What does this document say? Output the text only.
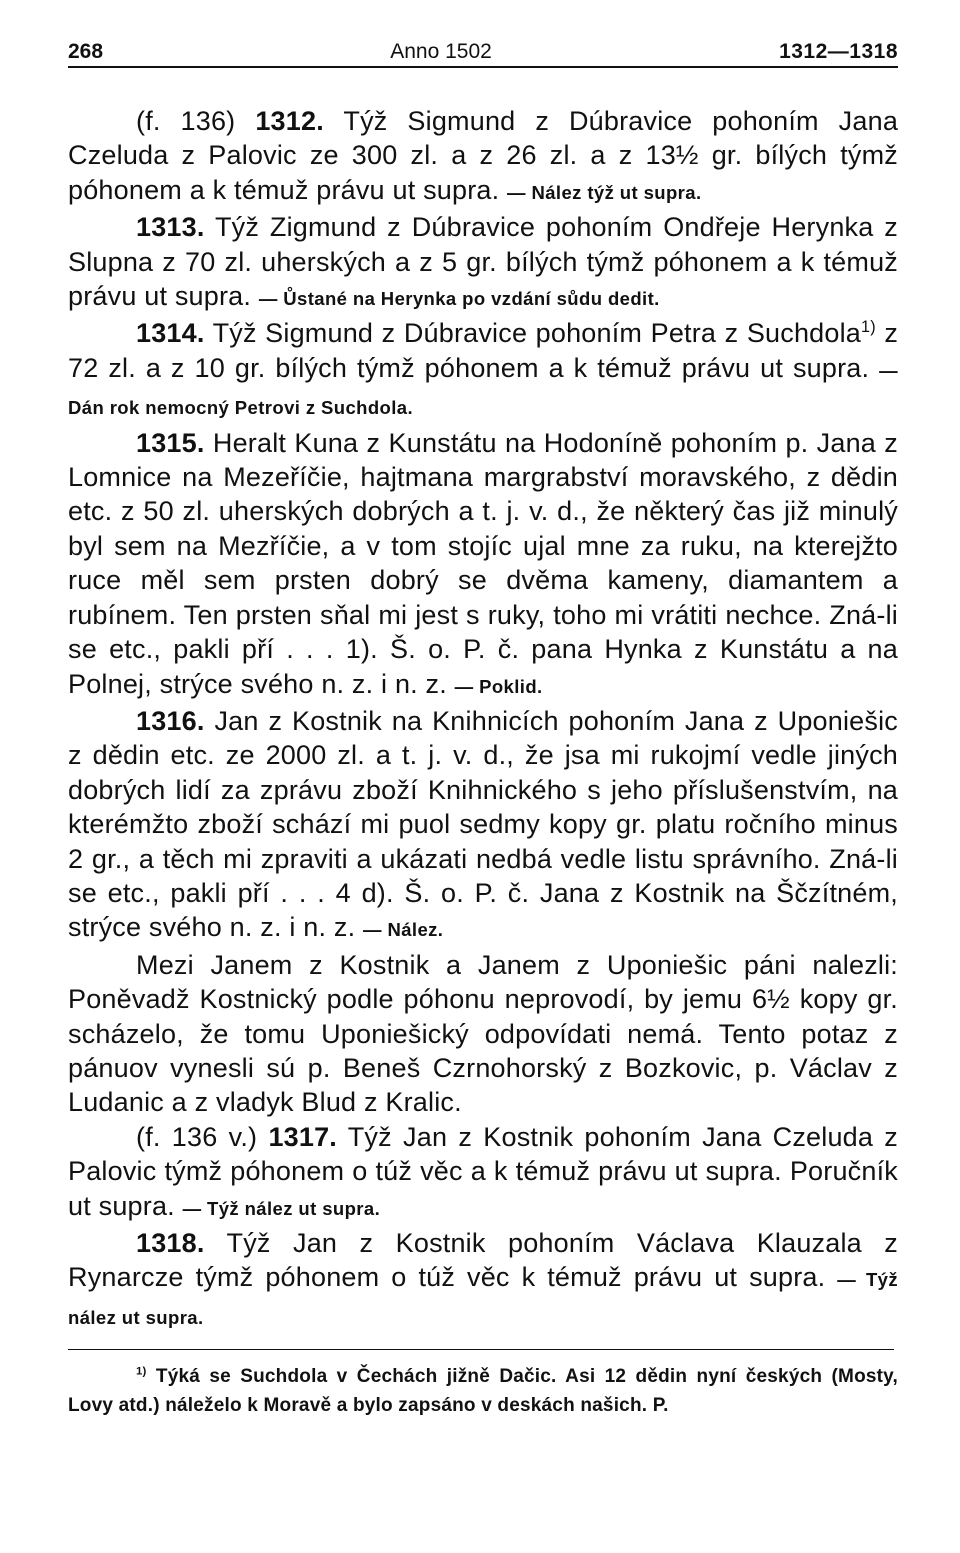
268	Anno 1502	1312—1318

(f. 136) 1312. Týž Sigmund z Dúbravice pohoním Jana Czeluda z Palovic ze 300 zl. a z 26 zl. a z 13½ gr. bílých týmž póhonem a k témuž právu ut supra. — Nález týž ut supra.

1313. Týž Zigmund z Dúbravice pohoním Ondřeje Herynka z Slupna z 70 zl. uherských a z 5 gr. bílých týmž póhonem a k témuž právu ut supra. — Ůstané na Herynka po vzdání sůdu dedit.

1314. Týž Sigmund z Dúbravice pohoním Petra z Suchdola$^{1)}$ z 72 zl. a z 10 gr. bílých týmž póhonem a k témuž právu ut supra. — Dán rok nemocný Petrovi z Suchdola.

1315. Heralt Kuna z Kunstátu na Hodoníně pohoním p. Jana z Lomnice na Mezeříčie, hajtmana margrabství moravského, z dědin etc. z 50 zl. uherských dobrých a t. j. v. d., že některý čas již minulý byl sem na Mezříčie, a v tom stojíc ujal mne za ruku, na kterejžto ruce měl sem prsten dobrý se dvěma kameny, diamantem a rubínem. Ten prsten sňal mi jest s ruky, toho mi vrátiti nechce. Zná-li se etc., pakli pří . . . 1). Š. o. P. č. pana Hynka z Kunstátu a na Polnej, strýce svého n. z. i n. z. — Poklid.

1316. Jan z Kostnik na Knihnicích pohoním Jana z Uponiešic z dědin etc. ze 2000 zl. a t. j. v. d., že jsa mi rukojmí vedle jiných dobrých lidí za zprávu zboží Knihnického s jeho příslušenstvím, na kterémžto zboží schází mi puol sedmy kopy gr. platu ročního minus 2 gr., a těch mi zpraviti a ukázati nedbá vedle listu správního. Zná-li se etc., pakli pří . . . 4 d). Š. o. P. č. Jana z Kostnik na Ščzítném, strýce svého n. z. i n. z. — Nález.

Mezi Janem z Kostnik a Janem z Uponiešic páni nalezli: Poněvadž Kostnický podle póhonu neprovodí, by jemu 6½ kopy gr. scházelo, že tomu Uponiešický odpovídati nemá. Tento potaz z pánuov vynesli sú p. Beneš Czrnohorský z Bozkovic, p. Václav z Ludanic a z vladyk Blud z Kralic.

(f. 136 v.) 1317. Týž Jan z Kostnik pohoním Jana Czeluda z Palovic týmž póhonem o túž věc a k témuž právu ut supra. Poručník ut supra. — Týž nález ut supra.

1318. Týž Jan z Kostnik pohoním Václava Klauzala z Rynarcze týmž póhonem o túž věc k témuž právu ut supra. — Týž nález ut supra.

$^{1)}$ Týká se Suchdola v Čechách jižně Dačic. Asi 12 dědin nyní českých (Mosty, Lovy atd.) náleželo k Moravě a bylo zapsáno v deskách našich. P.
